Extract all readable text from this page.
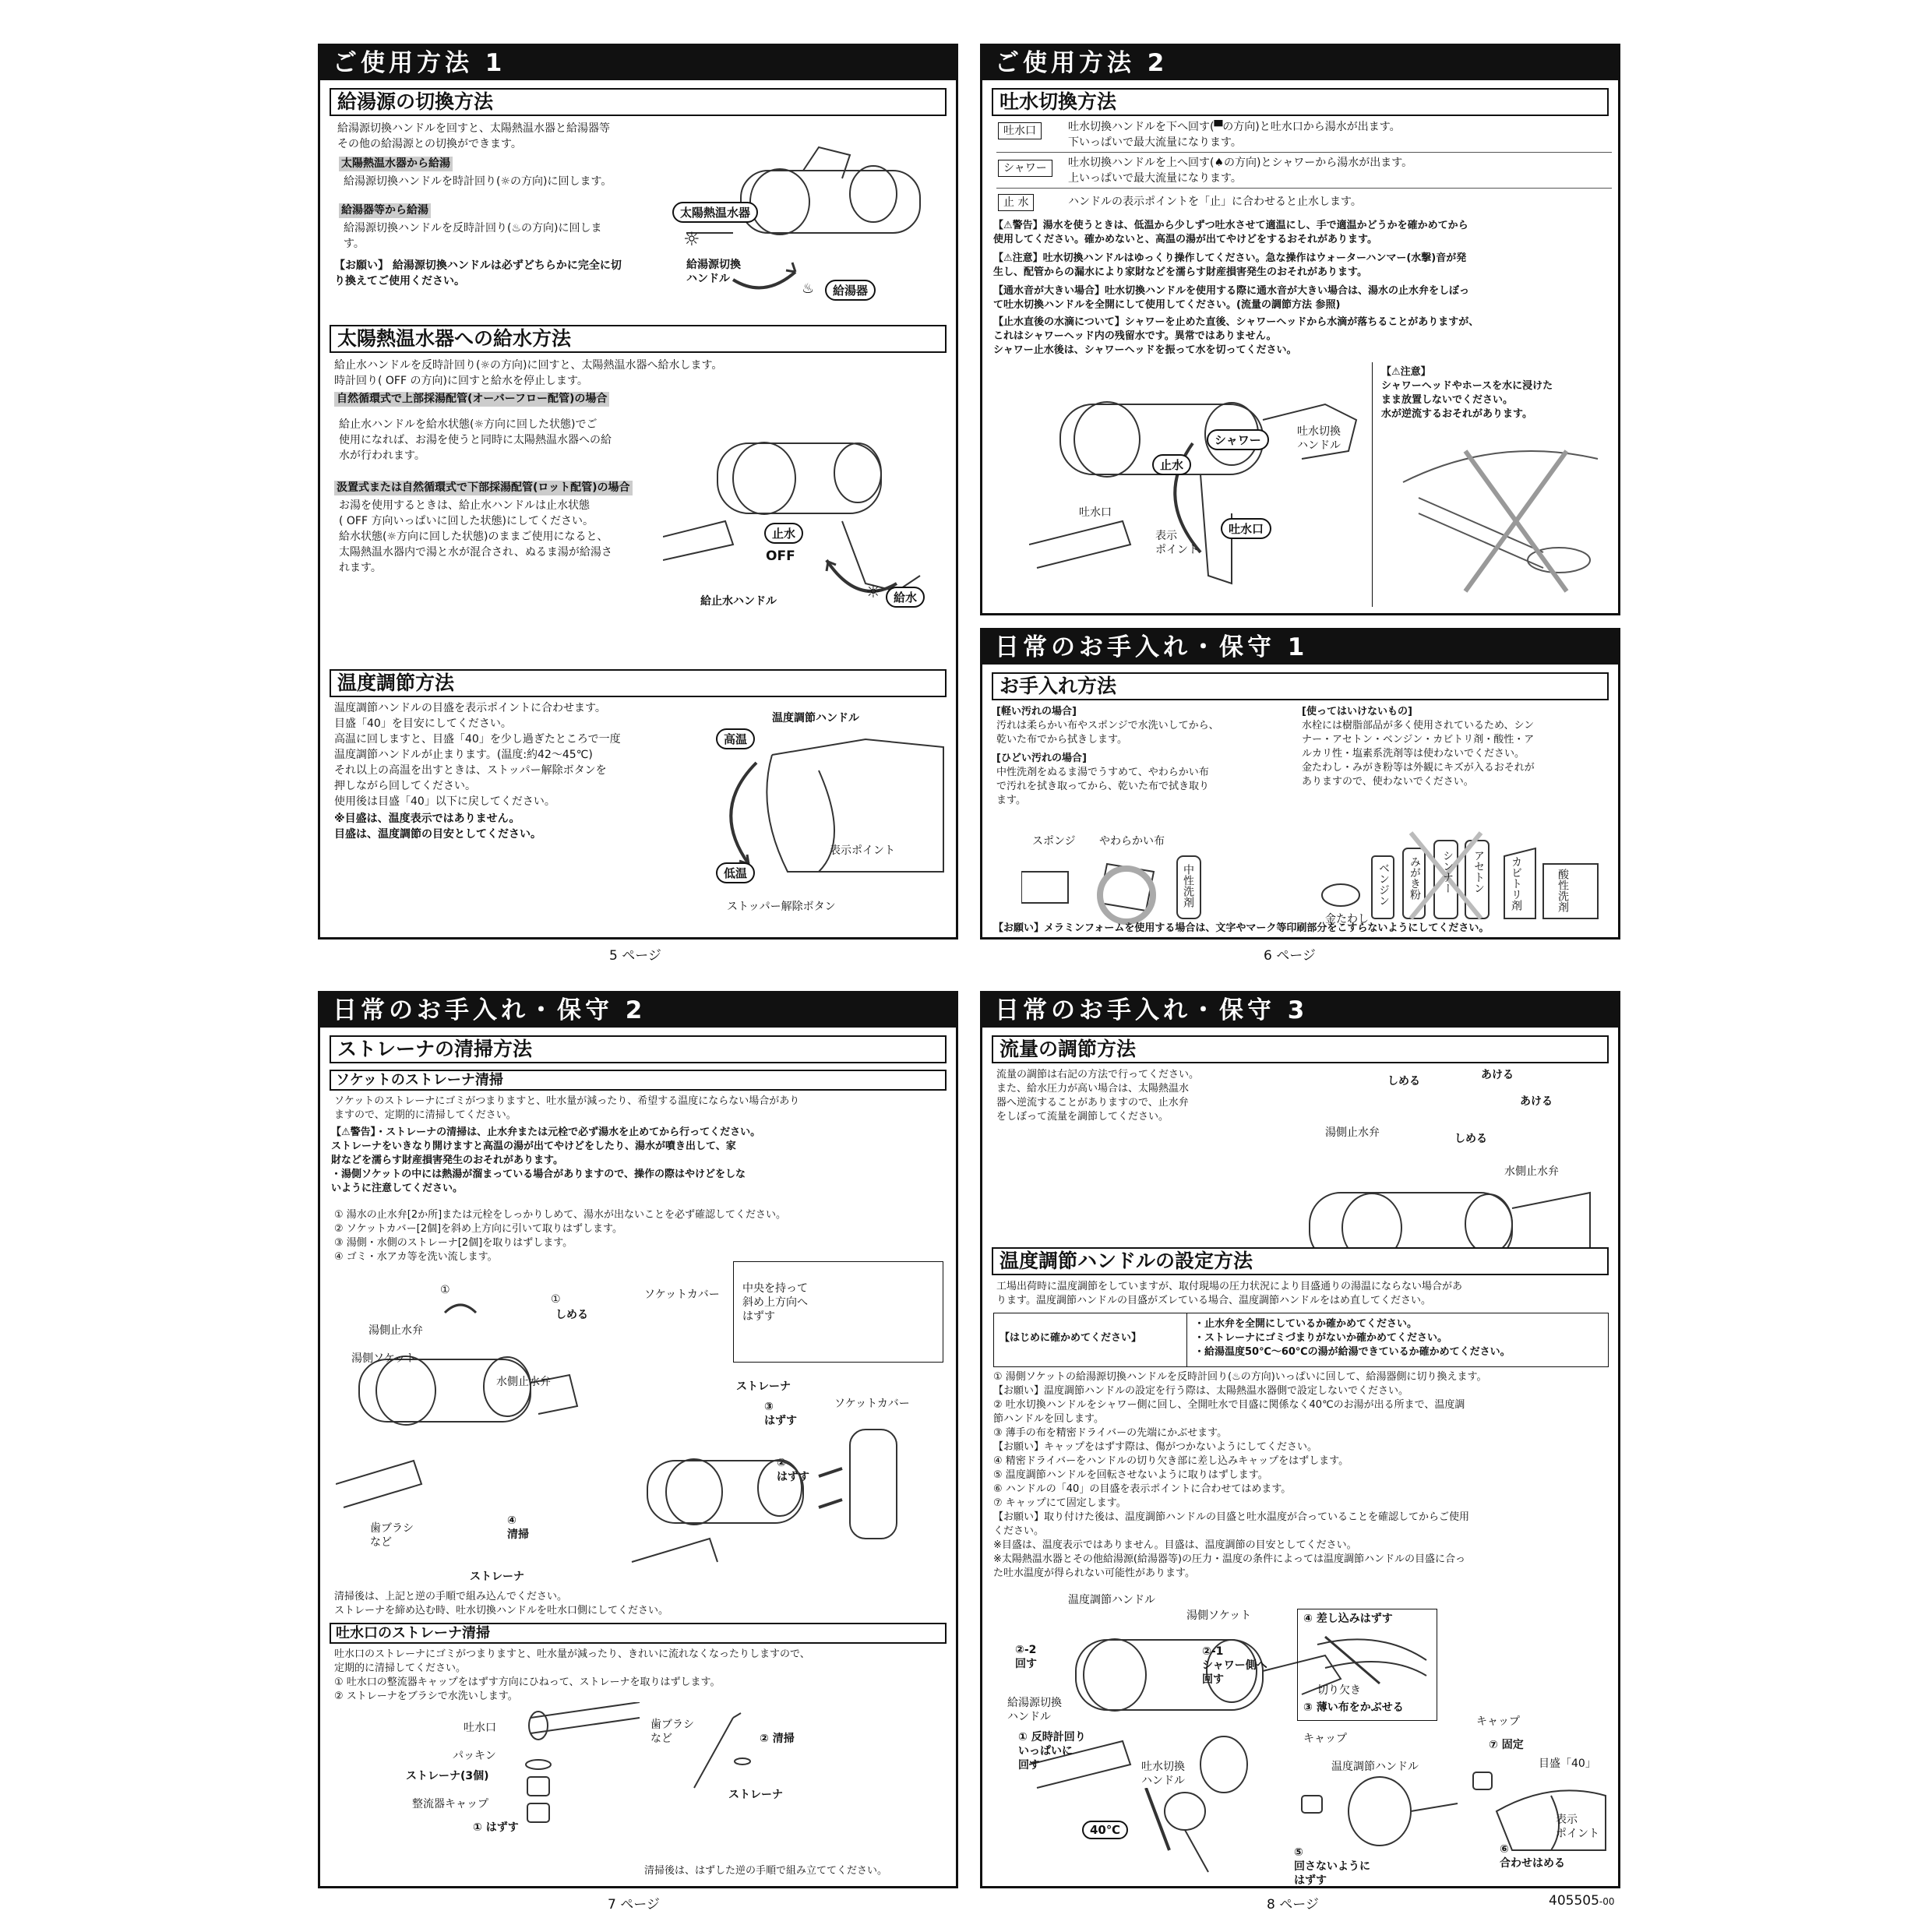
ご使用方法 1
給湯源の切換方法
給湯源切換ハンドルを回すと、太陽熱温水器と給湯器等
その他の給湯源との切換ができます。
太陽熱温水器から給湯
給湯源切換ハンドルを時計回り(☼の方向)に回します。
給湯器等から給湯
給湯源切換ハンドルを反時計回り(♨の方向)に回しま
す。
【お願い】 給湯源切換ハンドルは必ずどちらかに完全に切
り換えてご使用ください。
太陽熱温水器
☼
給湯源切換
ハンドル
♨	給湯器
太陽熱温水器への給水方法
給止水ハンドルを反時計回り(☼の方向)に回すと、太陽熱温水器へ給水します。
時計回り( OFF の方向)に回すと給水を停止します。
自然循環式で上部採湯配管(オーバーフロー配管)の場合
給止水ハンドルを給水状態(☼方向に回した状態)でご
使用になれば、お湯を使うと同時に太陽熱温水器への給
水が行われます。
汲置式または自然循環式で下部採湯配管(ロット配管)の場合
お湯を使用するときは、給止水ハンドルは止水状態
( OFF 方向いっぱいに回した状態)にしてください。
給水状態(☼方向に回した状態)のままご使用になると、
太陽熱温水器内で湯と水が混合され、ぬるま湯が給湯さ
れます。
止水
OFF
給止水ハンドル	☼	給水
温度調節方法
温度調節ハンドルの目盛を表示ポイントに合わせます。
目盛「40」を目安にしてください。
高温に回しますと、目盛「40」を少し過ぎたところで一度
温度調節ハンドルが止まります。(温度:約42〜45℃)
それ以上の高温を出すときは、ストッパー解除ボタンを
押しながら回してください。
使用後は目盛「40」以下に戻してください。
※目盛は、温度表示ではありません。
目盛は、温度調節の目安としてください。
温度調節ハンドル
高温
表示ポイント
低温
ストッパー解除ボタン
5 ページ
ご使用方法 2
吐水切換方法
吐水口	吐水切換ハンドルを下へ回す(▀の方向)と吐水口から湯水が出ます。
下いっぱいで最大流量になります。
シャワー	吐水切換ハンドルを上へ回す(♠の方向)とシャワーから湯水が出ます。
上いっぱいで最大流量になります。
止 水	ハンドルの表示ポイントを「止」に合わせると止水します。
【⚠警告】湯水を使うときは、低温から少しずつ吐水させて適温にし、手で適温かどうかを確かめてから
使用してください。確かめないと、高温の湯が出てやけどをするおそれがあります。
【⚠注意】吐水切換ハンドルはゆっくり操作してください。急な操作はウォーターハンマー(水撃)音が発
生し、配管からの漏水により家財などを濡らす財産損害発生のおそれがあります。
【通水音が大きい場合】吐水切換ハンドルを使用する際に通水音が大きい場合は、湯水の止水弁をしぼっ
て吐水切換ハンドルを全開にして使用してください。(流量の調節方法 参照)
【止水直後の水滴について】シャワーを止めた直後、シャワーヘッドから水滴が落ちることがありますが、
これはシャワーヘッド内の残留水です。異常ではありません。
シャワー止水後は、シャワーヘッドを振って水を切ってください。
【⚠注意】
シャワーヘッドやホースを水に浸けた
まま放置しないでください。
水が逆流するおそれがあります。
シャワー
吐水切換
ハンドル
止水
吐水口
表示
ポイント
吐水口
6 ページ
日常のお手入れ・保守 1
お手入れ方法
[軽い汚れの場合]
汚れは柔らかい布やスポンジで水洗いしてから、
乾いた布でから拭きします。
[ひどい汚れの場合]
中性洗剤をぬるま湯でうすめて、やわらかい布
で汚れを拭き取ってから、乾いた布で拭き取り
ます。
[使ってはいけないもの]
水栓には樹脂部品が多く使用されているため、シン
ナー・アセトン・ベンジン・カビトリ剤・酸性・ア
ルカリ性・塩素系洗剤等は使わないでください。
金たわし・みがき粉等は外観にキズが入るおそれが
ありますので、使わないでください。
スポンジ やわらかい布
中性洗剤
金たわし
ベンジン みがき粉 シンナー アセトン カビトリ剤	酸性洗剤
【お願い】メラミンフォームを使用する場合は、文字やマーク等印刷部分をこすらないようにしてください。
日常のお手入れ・保守 2
ストレーナの清掃方法
ソケットのストレーナ清掃
ソケットのストレーナにゴミがつまりますと、吐水量が減ったり、希望する温度にならない場合があり
ますので、定期的に清掃してください。
【⚠警告】・ストレーナの清掃は、止水弁または元栓で必ず湯水を止めてから行ってください。
ストレーナをいきなり開けますと高温の湯が出てやけどをしたり、湯水が噴き出して、家
財などを濡らす財産損害発生のおそれがあります。
・湯側ソケットの中には熱湯が溜まっている場合がありますので、操作の際はやけどをしな
いように注意してください。
① 湯水の止水弁[2か所]または元栓をしっかりしめて、湯水が出ないことを必ず確認してください。
② ソケットカバー[2個]を斜め上方向に引いて取りはずします。
③ 湯側・水側のストレーナ[2個]を取りはずします。
④ ゴミ・水アカ等を洗い流します。
①
①
しめる
湯側止水弁
湯側ソケット
水側止水弁
歯ブラシ
など
④
清掃
ストレーナ
ソケットカバー 中央を持って
斜め上方向へ
はずす
ストレーナ
ソケットカバー
③
はずす
②
はずす
清掃後は、上記と逆の手順で組み込んでください。
ストレーナを締め込む時、吐水切換ハンドルを吐水口側にしてください。
吐水口のストレーナ清掃
吐水口のストレーナにゴミがつまりますと、吐水量が減ったり、きれいに流れなくなったりしますので、
定期的に清掃してください。
① 吐水口の整流器キャップをはずす方向にひねって、ストレーナを取りはずします。
② ストレーナをブラシで水洗いします。
吐水口
パッキン
ストレーナ(3個)
整流器キャップ
① はずす
歯ブラシ
など	② 清掃
ストレーナ
清掃後は、はずした逆の手順で組み立ててください。
7 ページ
日常のお手入れ・保守 3
流量の調節方法
流量の調節は右記の方法で行ってください。
また、給水圧力が高い場合は、太陽熱温水
器へ逆流することがありますので、止水弁
をしぼって流量を調節してください。
しめる	あける
あける
しめる
湯側止水弁
水側止水弁
温度調節ハンドルの設定方法
工場出荷時に温度調節をしていますが、取付現場の圧力状況により目盛通りの湯温にならない場合があ
ります。温度調節ハンドルの目盛がズレている場合、温度調節ハンドルをはめ直してください。
【はじめに確かめてください】
・止水弁を全開にしているか確かめてください。
・ストレーナにゴミづまりがないか確かめてください。
・給湯温度50℃〜60℃の湯が給湯できているか確かめてください。
① 湯側ソケットの給湯源切換ハンドルを反時計回り(♨の方向)いっぱいに回して、給湯器側に切り換えます。
【お願い】温度調節ハンドルの設定を行う際は、太陽熱温水器側で設定しないでください。
② 吐水切換ハンドルをシャワー側に回し、全開吐水で目盛に関係なく40℃のお湯が出る所まで、温度調
節ハンドルを回します。
③ 薄手の布を精密ドライバーの先端にかぶせます。
【お願い】キャップをはずす際は、傷がつかないようにしてください。
④ 精密ドライバーをハンドルの切り欠き部に差し込みキャップをはずします。
⑤ 温度調節ハンドルを回転させないように取りはずします。
⑥ ハンドルの「40」の目盛を表示ポイントに合わせてはめます。
⑦ キャップにて固定します。
【お願い】取り付けた後は、温度調節ハンドルの目盛と吐水温度が合っていることを確認してからご使用
ください。
※目盛は、温度表示ではありません。目盛は、温度調節の目安としてください。
※太陽熱温水器とその他給湯源(給湯器等)の圧力・温度の条件によっては温度調節ハンドルの目盛に合っ
た吐水温度が得られない可能性があります。
温度調節ハンドル
湯側ソケット
②-2
回す
②-1
シャワー側へ
回す
給湯源切換
ハンドル
① 反時計回り
いっぱいに
回す	吐水切換
ハンドル
40℃
④ 差し込みはずす
切り欠き
③ 薄い布をかぶせる
キャップ
温度調節ハンドル
⑤
回さないように
はずす
キャップ
⑦ 固定
目盛「40」
表示
ポイント
⑥
合わせはめる
8 ページ	405505-00
